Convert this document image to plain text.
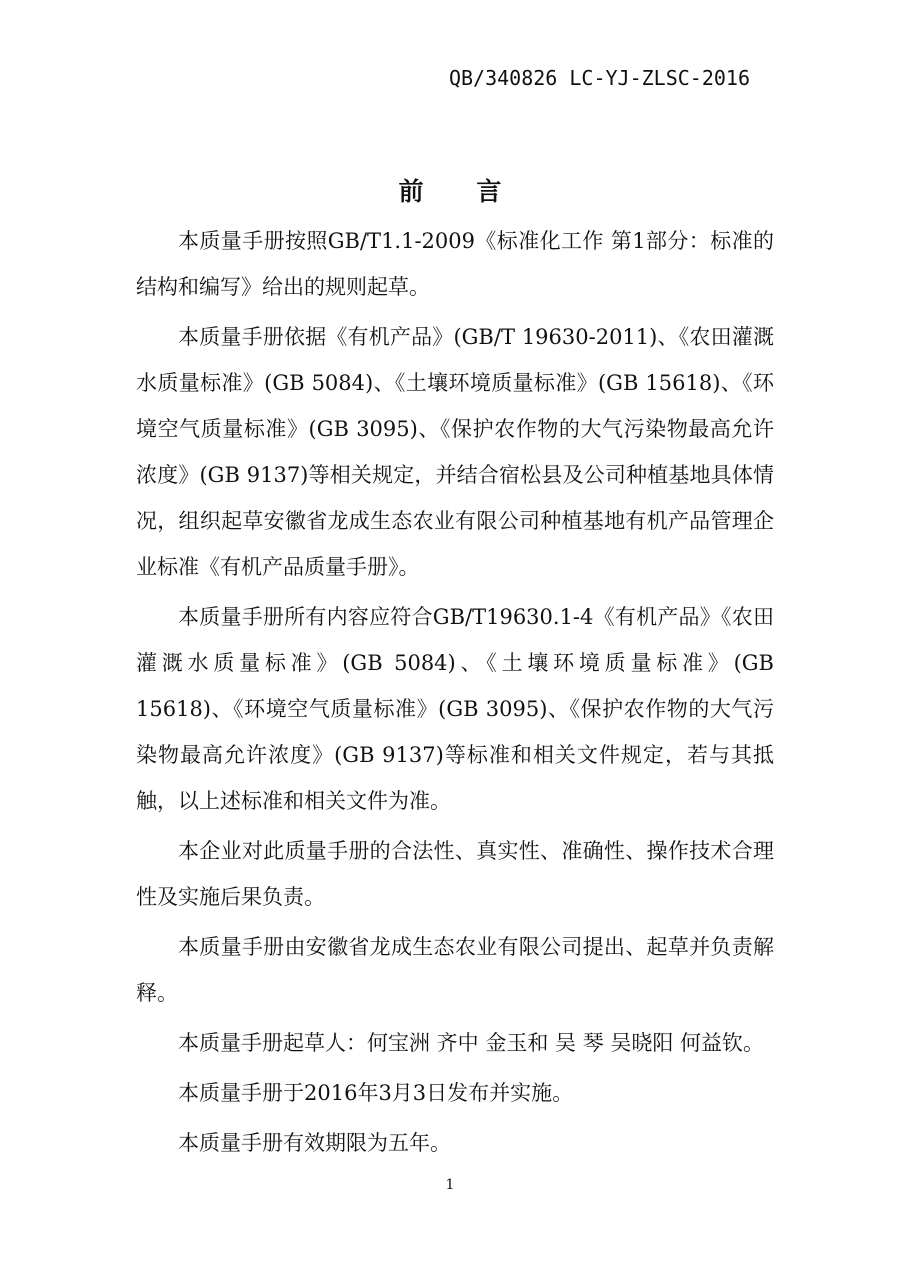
QB/340826 LC-YJ-ZLSC-2016
前 言

本质量手册按照GB/T1.1-2009《标准化工作 第1部分：标准的结构和编写》给出的规则起草。

本质量手册依据《有机产品》(GB/T 19630-2011)、《农田灌溉水质量标准》(GB 5084)、《土壤环境质量标准》(GB 15618)、《环境空气质量标准》(GB 3095)、《保护农作物的大气污染物最高允许浓度》(GB 9137)等相关规定，并结合宿松县及公司种植基地具体情况，组织起草安徽省龙成生态农业有限公司种植基地有机产品管理企业标准《有机产品质量手册》。

本质量手册所有内容应符合GB/T19630.1-4《有机产品》《农田灌溉水质量标准》(GB 5084)、《土壤环境质量标准》(GB 15618)、《环境空气质量标准》(GB 3095)、《保护农作物的大气污染物最高允许浓度》(GB 9137)等标准和相关文件规定，若与其抵触，以上述标准和相关文件为准。

本企业对此质量手册的合法性、真实性、准确性、操作技术合理性及实施后果负责。

本质量手册由安徽省龙成生态农业有限公司提出、起草并负责解释。

本质量手册起草人：何宝洲 齐中 金玉和 吴 琴 吴晓阳 何益钦。

本质量手册于2016年3月3日发布并实施。

本质量手册有效期限为五年。

1
